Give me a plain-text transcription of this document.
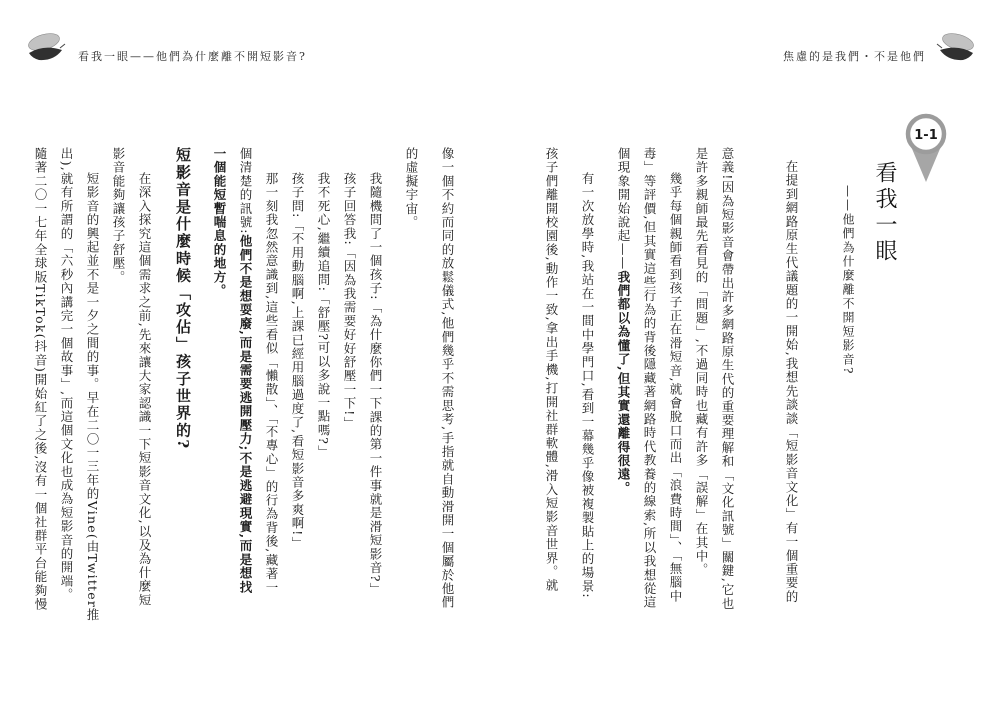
看我一眼——他們為什麼離不開短影音?	焦慮的是我們・不是他們
1-1
看我一眼
——他們為什麼離不開短影音?

在提到網路原生代議題的一開始,我想先談談「短影音文化」有一個重要的

意義!因為短影音會帶出許多網路原生代的重要理解和「文化訊號」關鍵,它也

是許多親師最先看見的「問題」,不過同時也藏有許多「誤解」在其中。

幾乎每個親師看到孩子正在滑短音,就會脫口而出「浪費時間」、「無腦中

毒」等評價,但其實這些行為的背後隱藏著網路時代教養的線索,所以我想從這

個現象開始說起——我們都以為懂了,但其實還離得很遠。

有一次放學時,我站在一間中學門口,看到一幕幾乎像被複製貼上的場景:

孩子們離開校園後,動作一致,拿出手機,打開社群軟體,滑入短影音世界。就

像一個不約而同的放鬆儀式,他們幾乎不需思考,手指就自動滑開一個屬於他們

的虛擬宇宙。

我隨機問了一個孩子:「為什麼你們一下課的第一件事就是滑短影音?」

孩子回答我:「因為我需要好好舒壓一下!」

我不死心,繼續追問:「舒壓?可以多說一點嗎?」

孩子問:「不用動腦啊,上課已經用腦過度了,看短影音多爽啊!」

那一刻我忽然意識到,這些看似「懶散」、「不專心」的行為背後,藏著一

個清楚的訊號:他們不是想耍廢,而是需要逃開壓力;不是逃避現實,而是想找

一個能短暫喘息的地方。

短影音是什麼時候「攻佔」孩子世界的?

在深入探究這個需求之前,先來讓大家認識一下短影音文化,以及為什麼短

影音能夠讓孩子舒壓。

短影音的興起並不是一夕之間的事。早在二〇一三年的Vine(由Twitter推

出),就有所謂的「六秒內講完一個故事」,而這個文化也成為短影音的開端。

隨著二〇一七年全球版TikTok(抖音)開始紅了之後,沒有一個社群平台能夠慢
